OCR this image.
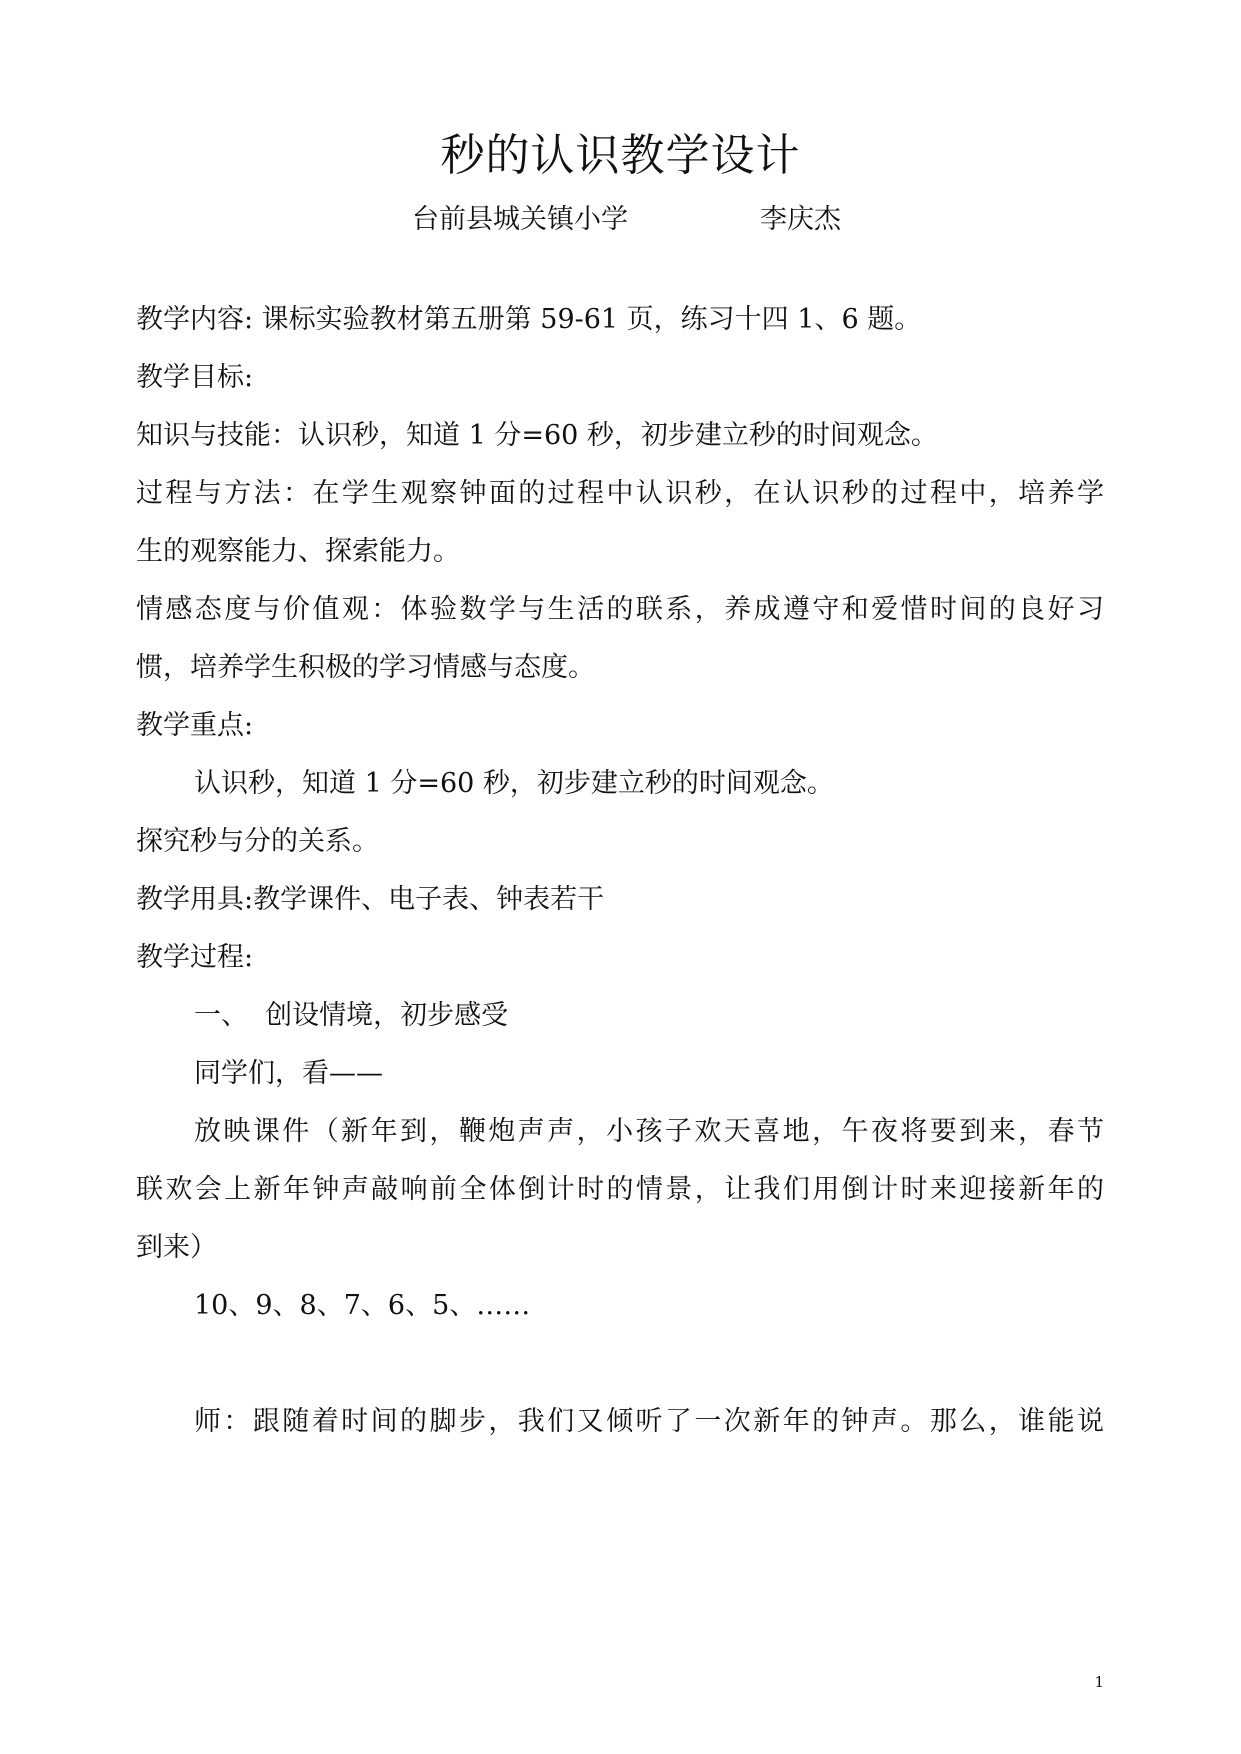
秒的认识教学设计
台前县城关镇小学	李庆杰
教学内容: 课标实验教材第五册第 59-61 页，练习十四 1、6 题。
教学目标:
知识与技能：认识秒，知道 1 分=60 秒，初步建立秒的时间观念。
过程与方法：在学生观察钟面的过程中认识秒，在认识秒的过程中，培养学
生的观察能力、探索能力。
情感态度与价值观：体验数学与生活的联系，养成遵守和爱惜时间的良好习
惯，培养学生积极的学习情感与态度。
教学重点:
认识秒，知道 1 分=60 秒，初步建立秒的时间观念。
探究秒与分的关系。
教学用具:教学课件、电子表、钟表若干
教学过程:
一、  创设情境，初步感受
同学们，看——
放映课件（新年到，鞭炮声声，小孩子欢天喜地，午夜将要到来，春节
联欢会上新年钟声敲响前全体倒计时的情景，让我们用倒计时来迎接新年的
到来）
10、9、8、7、6、5、……
师：跟随着时间的脚步，我们又倾听了一次新年的钟声。那么，谁能说
1
